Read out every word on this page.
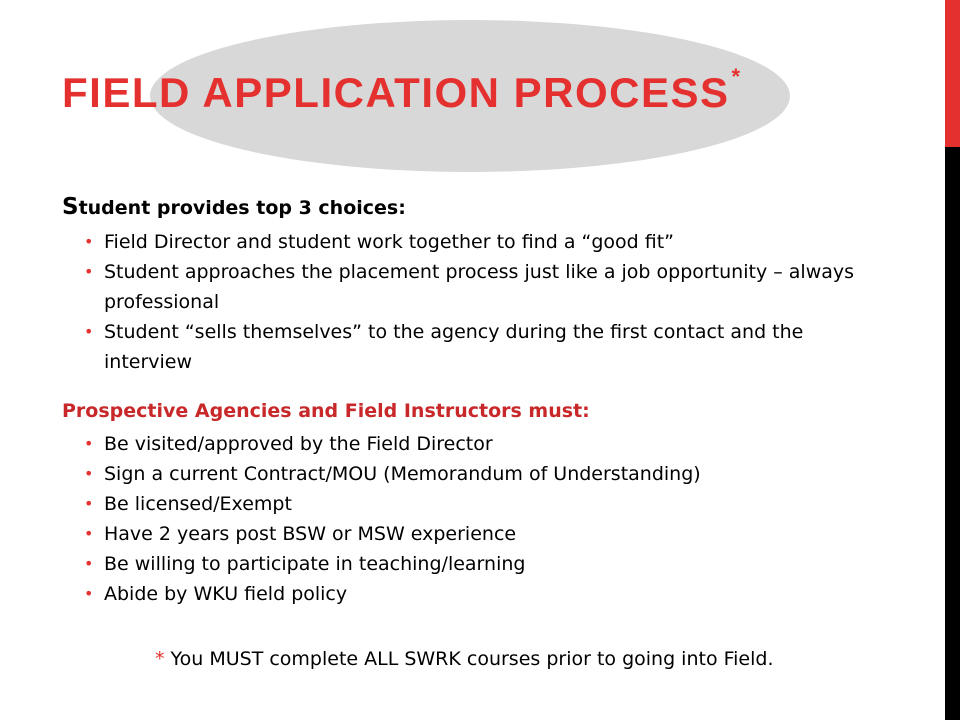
FIELD APPLICATION PROCESS*

Student provides top 3 choices:

• Field Director and student work together to find a “good fit”
• Student approaches the placement process just like a job opportunity – always professional
• Student “sells themselves” to the agency during the first contact and the interview

Prospective Agencies and Field Instructors must:

• Be visited/approved by the Field Director
• Sign a current Contract/MOU (Memorandum of Understanding)
• Be licensed/Exempt
• Have 2 years post BSW or MSW experience
• Be willing to participate in teaching/learning
• Abide by WKU field policy
* You MUST complete ALL SWRK courses prior to going into Field.
